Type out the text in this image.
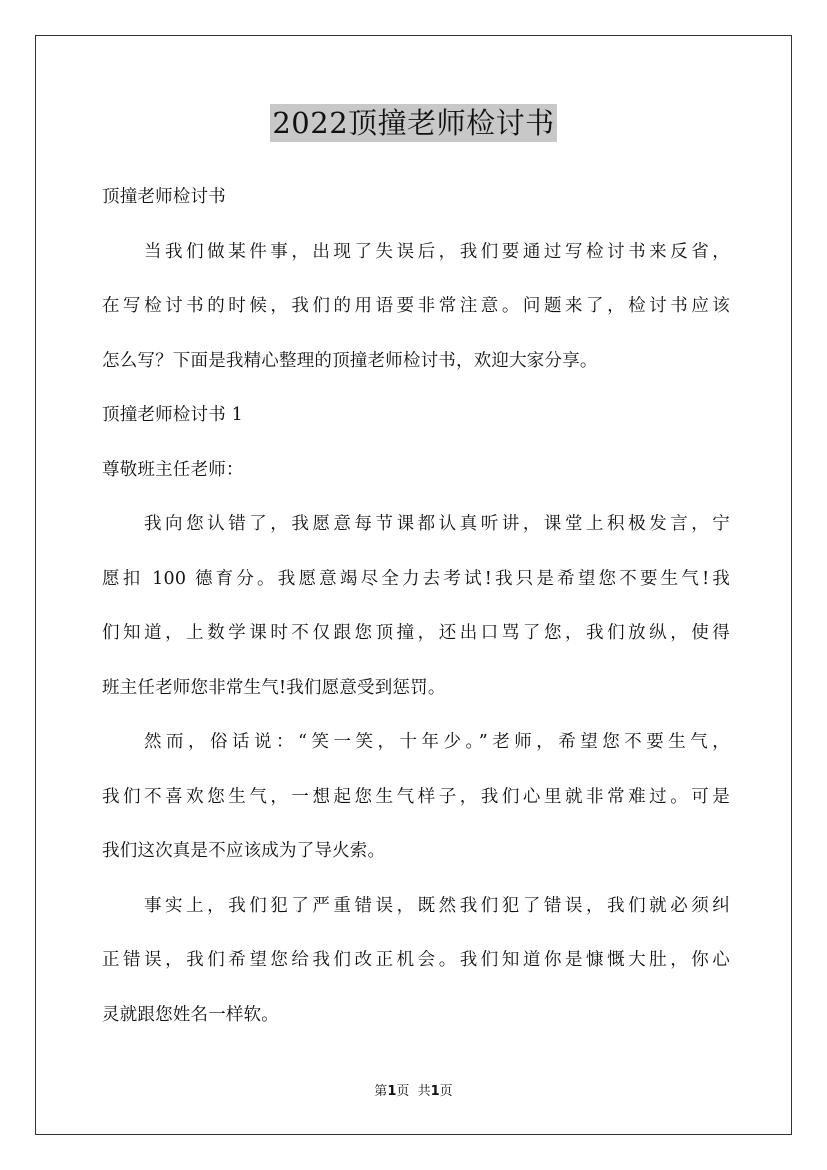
2022顶撞老师检讨书
顶撞老师检讨书
当我们做某件事，出现了失误后，我们要通过写检讨书来反省，
在写检讨书的时候，我们的用语要非常注意。问题来了，检讨书应该
怎么写？下面是我精心整理的顶撞老师检讨书，欢迎大家分享。
顶撞老师检讨书 1
尊敬班主任老师：
我向您认错了，我愿意每节课都认真听讲，课堂上积极发言，宁
愿扣 100 德育分。我愿意竭尽全力去考试!我只是希望您不要生气!我
们知道，上数学课时不仅跟您顶撞，还出口骂了您，我们放纵，使得
班主任老师您非常生气!我们愿意受到惩罚。
然而，俗话说：“笑一笑，十年少。”老师，希望您不要生气，
我们不喜欢您生气，一想起您生气样子，我们心里就非常难过。可是
我们这次真是不应该成为了导火索。
事实上，我们犯了严重错误，既然我们犯了错误，我们就必须纠
正错误，我们希望您给我们改正机会。我们知道你是慷慨大肚，你心
灵就跟您姓名一样软。
第1页  共1页
